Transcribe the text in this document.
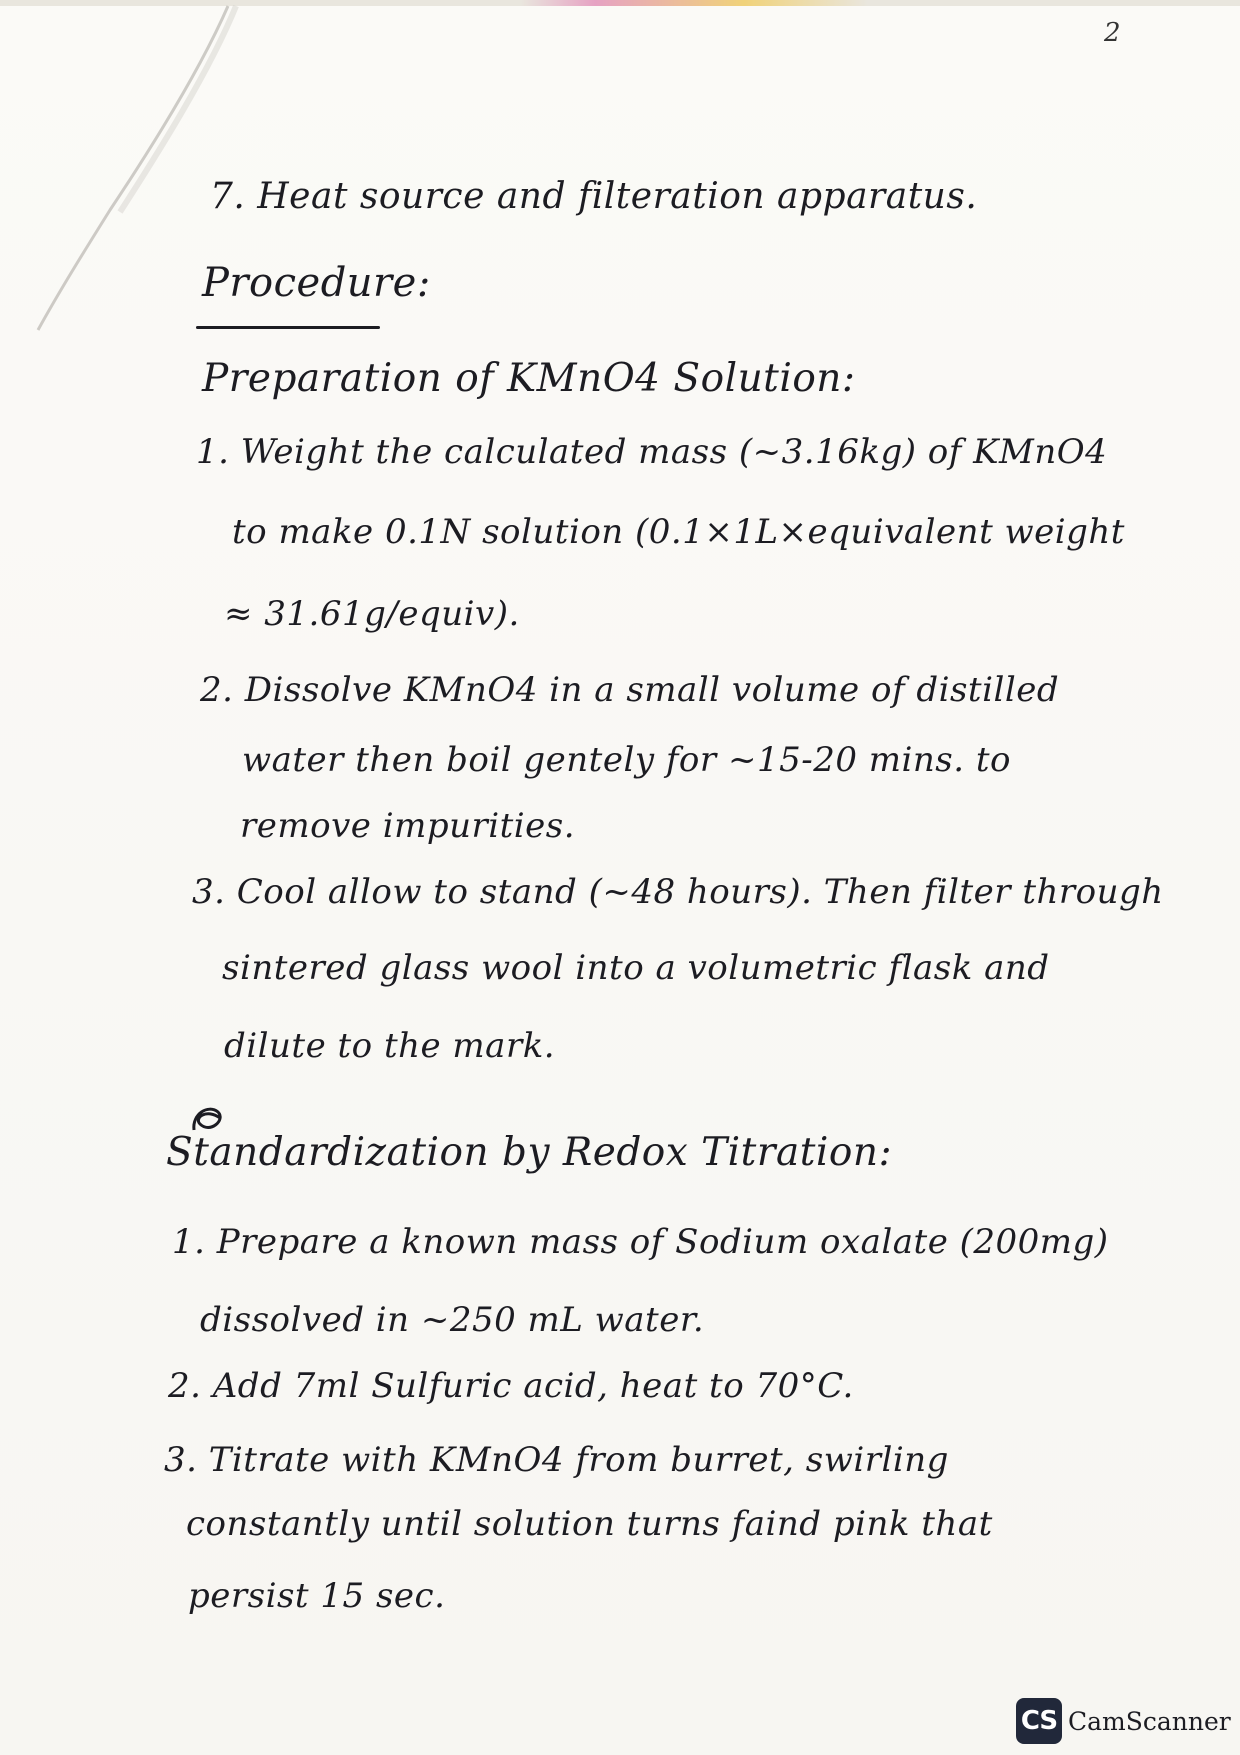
2
7. Heat source and filteration apparatus.
Procedure:
Preparation of KMnO4 Solution:
1. Weight the calculated mass (~3.16kg) of KMnO4
to make 0.1N solution (0.1×1L×equivalent weight
≈ 31.61g/equiv).
2. Dissolve KMnO4 in a small volume of distilled
water then boil gentely for ~15-20 mins. to
remove impurities.
3. Cool allow to stand (~48 hours). Then filter through
sintered glass wool into a volumetric flask and
dilute to the mark.
Standardization by Redox Titration:
1. Prepare a known mass of Sodium oxalate (200mg)
dissolved in ~250 mL water.
2. Add 7ml Sulfuric acid, heat to 70°C.
3. Titrate with KMnO4 from burret, swirling
constantly until solution turns faind pink that
persist 15 sec.
CS CamScanner
